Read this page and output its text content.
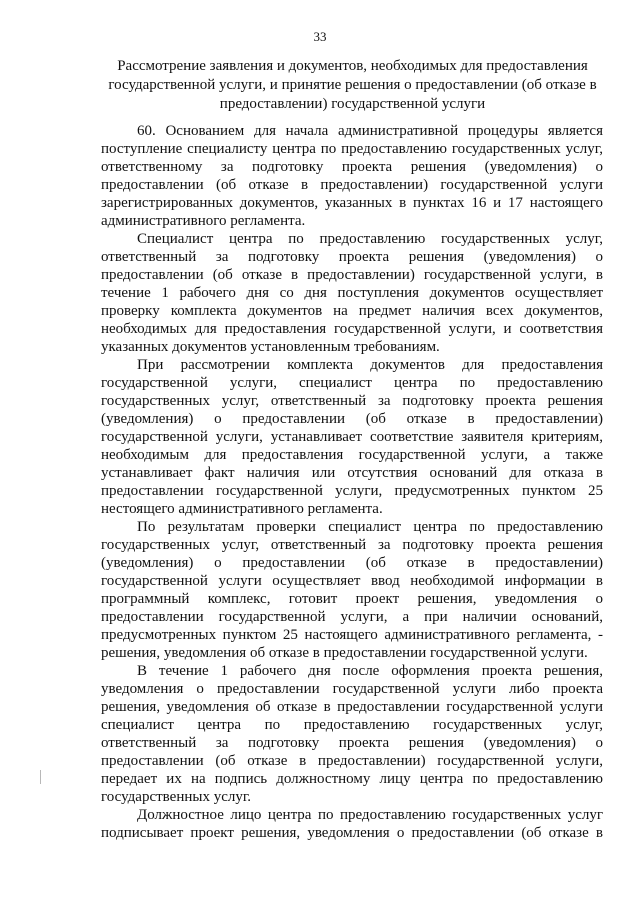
33
Рассмотрение заявления и документов, необходимых для предоставления
государственной услуги, и принятие решения о предоставлении (об отказе в
предоставлении) государственной услуги
60. Основанием для начала административной процедуры является
поступление специалисту центра по предоставлению государственных услуг,
ответственному за подготовку проекта решения (уведомления) о
предоставлении (об отказе в предоставлении) государственной услуги
зарегистрированных документов, указанных в пунктах 16 и 17 настоящего
административного регламента.
Специалист центра по предоставлению государственных услуг,
ответственный за подготовку проекта решения (уведомления) о
предоставлении (об отказе в предоставлении) государственной услуги, в
течение 1 рабочего дня со дня поступления документов осуществляет
проверку комплекта документов на предмет наличия всех документов,
необходимых для предоставления государственной услуги, и соответствия
указанных документов установленным требованиям.
При рассмотрении комплекта документов для предоставления
государственной услуги, специалист центра по предоставлению
государственных услуг, ответственный за подготовку проекта решения
(уведомления) о предоставлении (об отказе в предоставлении)
государственной услуги, устанавливает соответствие заявителя критериям,
необходимым для предоставления государственной услуги, а также
устанавливает факт наличия или отсутствия оснований для отказа в
предоставлении государственной услуги, предусмотренных пунктом 25
нестоящего административного регламента.
По результатам проверки специалист центра по предоставлению
государственных услуг, ответственный за подготовку проекта решения
(уведомления) о предоставлении (об отказе в предоставлении)
государственной услуги осуществляет ввод необходимой информации в
программный комплекс, готовит проект решения, уведомления о
предоставлении государственной услуги, а при наличии оснований,
предусмотренных пунктом 25 настоящего административного регламента, -
решения, уведомления об отказе в предоставлении государственной услуги.
В течение 1 рабочего дня после оформления проекта решения,
уведомления о предоставлении государственной услуги либо проекта
решения, уведомления об отказе в предоставлении государственной услуги
специалист центра по предоставлению государственных услуг,
ответственный за подготовку проекта решения (уведомления) о
предоставлении (об отказе в предоставлении) государственной услуги,
передает их на подпись должностному лицу центра по предоставлению
государственных услуг.
Должностное лицо центра по предоставлению государственных услуг
подписывает проект решения, уведомления о предоставлении (об отказе в
